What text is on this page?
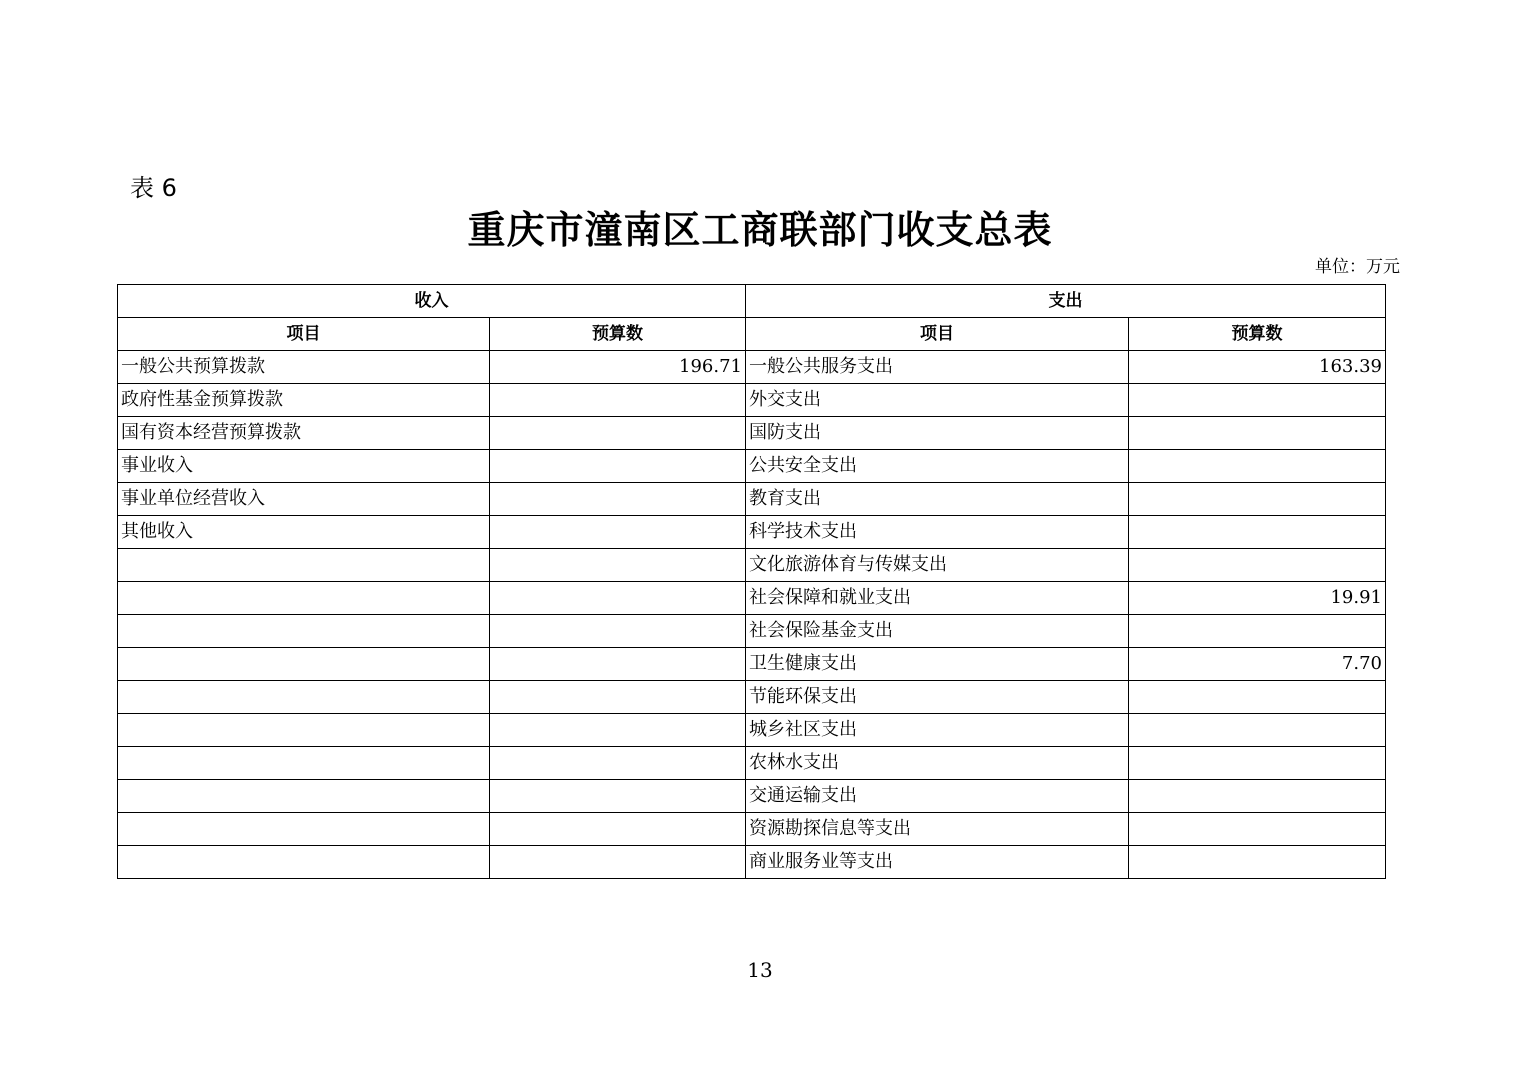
表 6
重庆市潼南区工商联部门收支总表
单位：万元
收入		支出	
项目	预算数	项目	预算数
一般公共预算拨款	196.71	一般公共服务支出	163.39
政府性基金预算拨款		外交支出	
国有资本经营预算拨款		国防支出	
事业收入		公共安全支出	
事业单位经营收入		教育支出	
其他收入		科学技术支出	
		文化旅游体育与传媒支出	
		社会保障和就业支出	19.91
		社会保险基金支出	
		卫生健康支出	7.70
		节能环保支出	
		城乡社区支出	
		农林水支出	
		交通运输支出	
		资源勘探信息等支出	
		商业服务业等支出	
13
